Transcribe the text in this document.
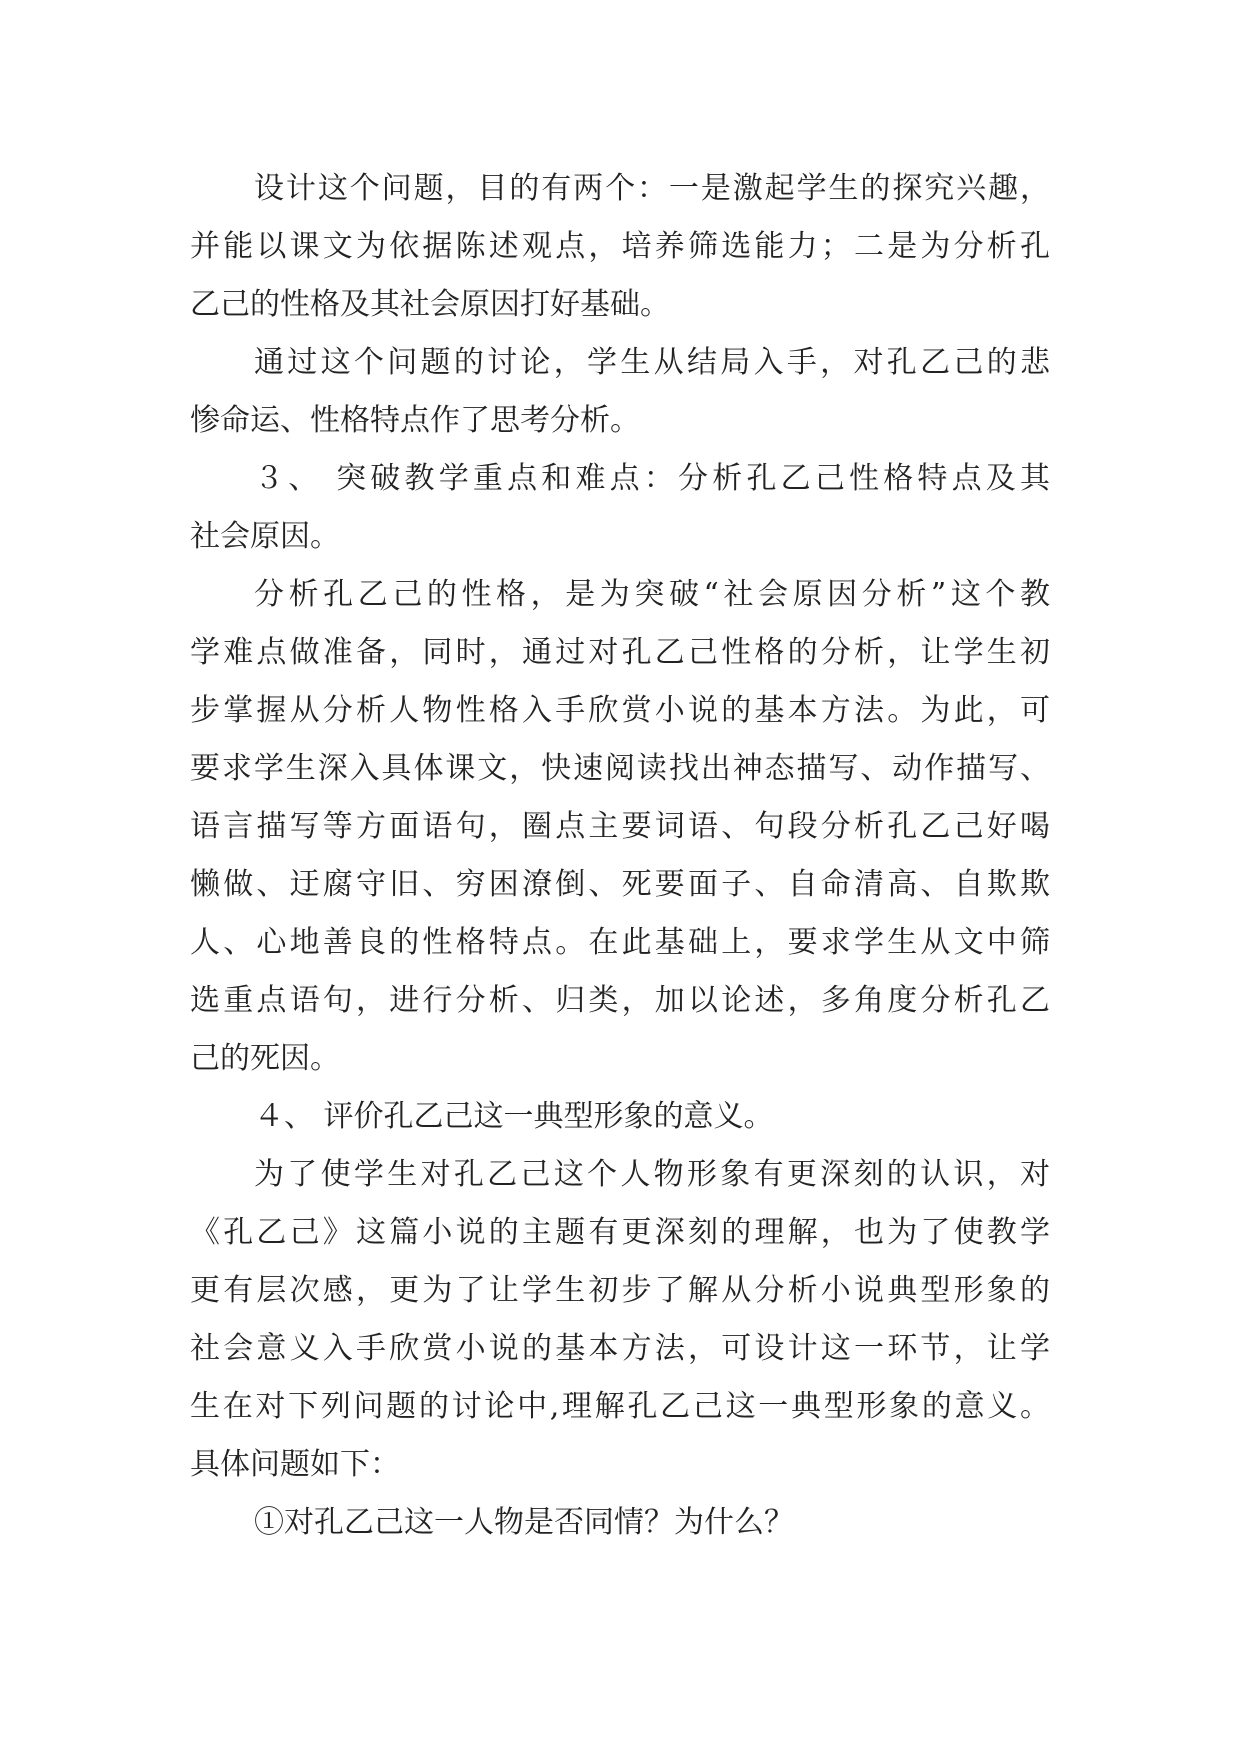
设计这个问题，目的有两个：一是激起学生的探究兴趣，
并能以课文为依据陈述观点，培养筛选能力；二是为分析孔
乙己的性格及其社会原因打好基础。
通过这个问题的讨论，学生从结局入手，对孔乙己的悲
惨命运、性格特点作了思考分析。
３、 突破教学重点和难点：分析孔乙己性格特点及其
社会原因。
分析孔乙己的性格，是为突破“社会原因分析”这个教
学难点做准备，同时，通过对孔乙己性格的分析，让学生初
步掌握从分析人物性格入手欣赏小说的基本方法。为此，可
要求学生深入具体课文，快速阅读找出神态描写、动作描写、
语言描写等方面语句，圈点主要词语、句段分析孔乙己好喝
懒做、迂腐守旧、穷困潦倒、死要面子、自命清高、自欺欺
人、心地善良的性格特点。在此基础上，要求学生从文中筛
选重点语句，进行分析、归类，加以论述，多角度分析孔乙
己的死因。
４、 评价孔乙己这一典型形象的意义。
为了使学生对孔乙己这个人物形象有更深刻的认识，对
《孔乙己》这篇小说的主题有更深刻的理解，也为了使教学
更有层次感，更为了让学生初步了解从分析小说典型形象的
社会意义入手欣赏小说的基本方法，可设计这一环节，让学
生在对下列问题的讨论中,理解孔乙己这一典型形象的意义。
具体问题如下：
①对孔乙己这一人物是否同情？为什么？
